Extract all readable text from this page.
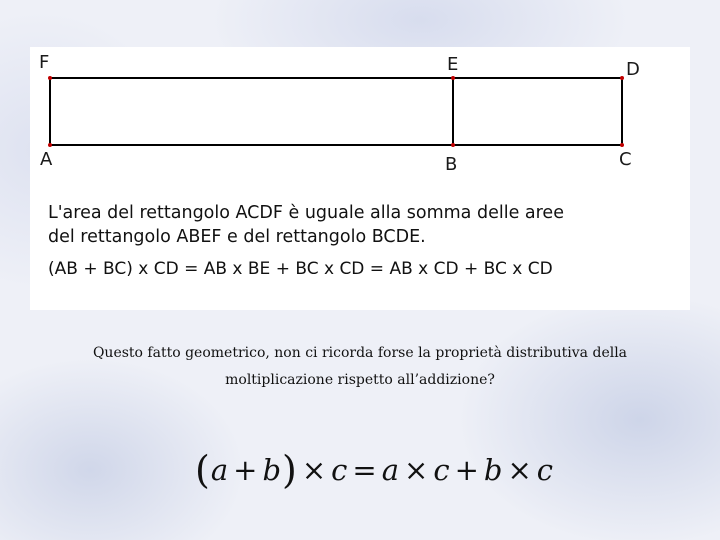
F	E	D
A	B	C
L'area del rettangolo ACDF è uguale alla somma delle aree
del rettangolo ABEF e del rettangolo BCDE.
(AB + BC) x CD = AB x BE + BC x CD = AB x CD + BC x CD
Questo fatto geometrico, non ci ricorda forse la proprietà distributiva della
moltiplicazione rispetto all’addizione?
(a + b) × c = a × c + b × c
